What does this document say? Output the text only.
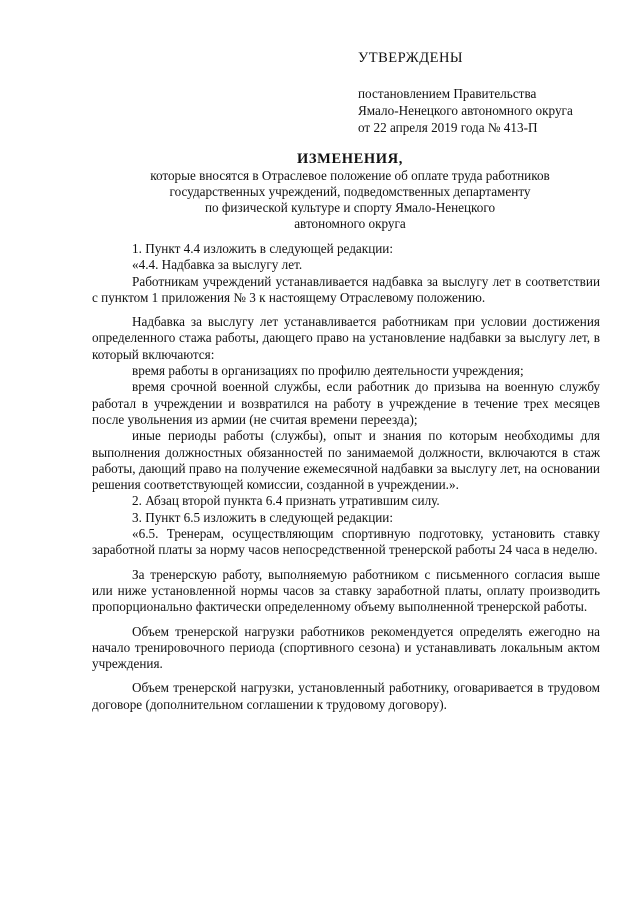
УТВЕРЖДЕНЫ
постановлением Правительства
Ямало-Ненецкого автономного округа
от 22 апреля 2019 года № 413-П
ИЗМЕНЕНИЯ,
которые вносятся в Отраслевое положение об оплате труда работников
государственных учреждений, подведомственных департаменту
по физической культуре и спорту Ямало-Ненецкого
автономного округа

1. Пункт 4.4 изложить в следующей редакции:

«4.4. Надбавка за выслугу лет.

Работникам учреждений устанавливается надбавка за выслугу лет в соответствии с пунктом 1 приложения № 3 к настоящему Отраслевому положению.

Надбавка за выслугу лет устанавливается работникам при условии достижения определенного стажа работы, дающего право на установление надбавки за выслугу лет, в который включаются:

время работы в организациях по профилю деятельности учреждения;

время срочной военной службы, если работник до призыва на военную службу работал в учреждении и возвратился на работу в учреждение в течение трех месяцев после увольнения из армии (не считая времени переезда);

иные периоды работы (службы), опыт и знания по которым необходимы для выполнения должностных обязанностей по занимаемой должности, включаются в стаж работы, дающий право на получение ежемесячной надбавки за выслугу лет, на основании решения соответствующей комиссии, созданной в учреждении.».

2. Абзац второй пункта 6.4 признать утратившим силу.

3. Пункт 6.5 изложить в следующей редакции:

«6.5. Тренерам, осуществляющим спортивную подготовку, установить ставку заработной платы за норму часов непосредственной тренерской работы 24 часа в неделю.

За тренерскую работу, выполняемую работником с письменного согласия выше или ниже установленной нормы часов за ставку заработной платы, оплату производить пропорционально фактически определенному объему выполненной тренерской работы.

Объем тренерской нагрузки работников рекомендуется определять ежегодно на начало тренировочного периода (спортивного сезона) и устанавливать локальным актом учреждения.

Объем тренерской нагрузки, установленный работнику, оговаривается в трудовом договоре (дополнительном соглашении к трудовому договору).
